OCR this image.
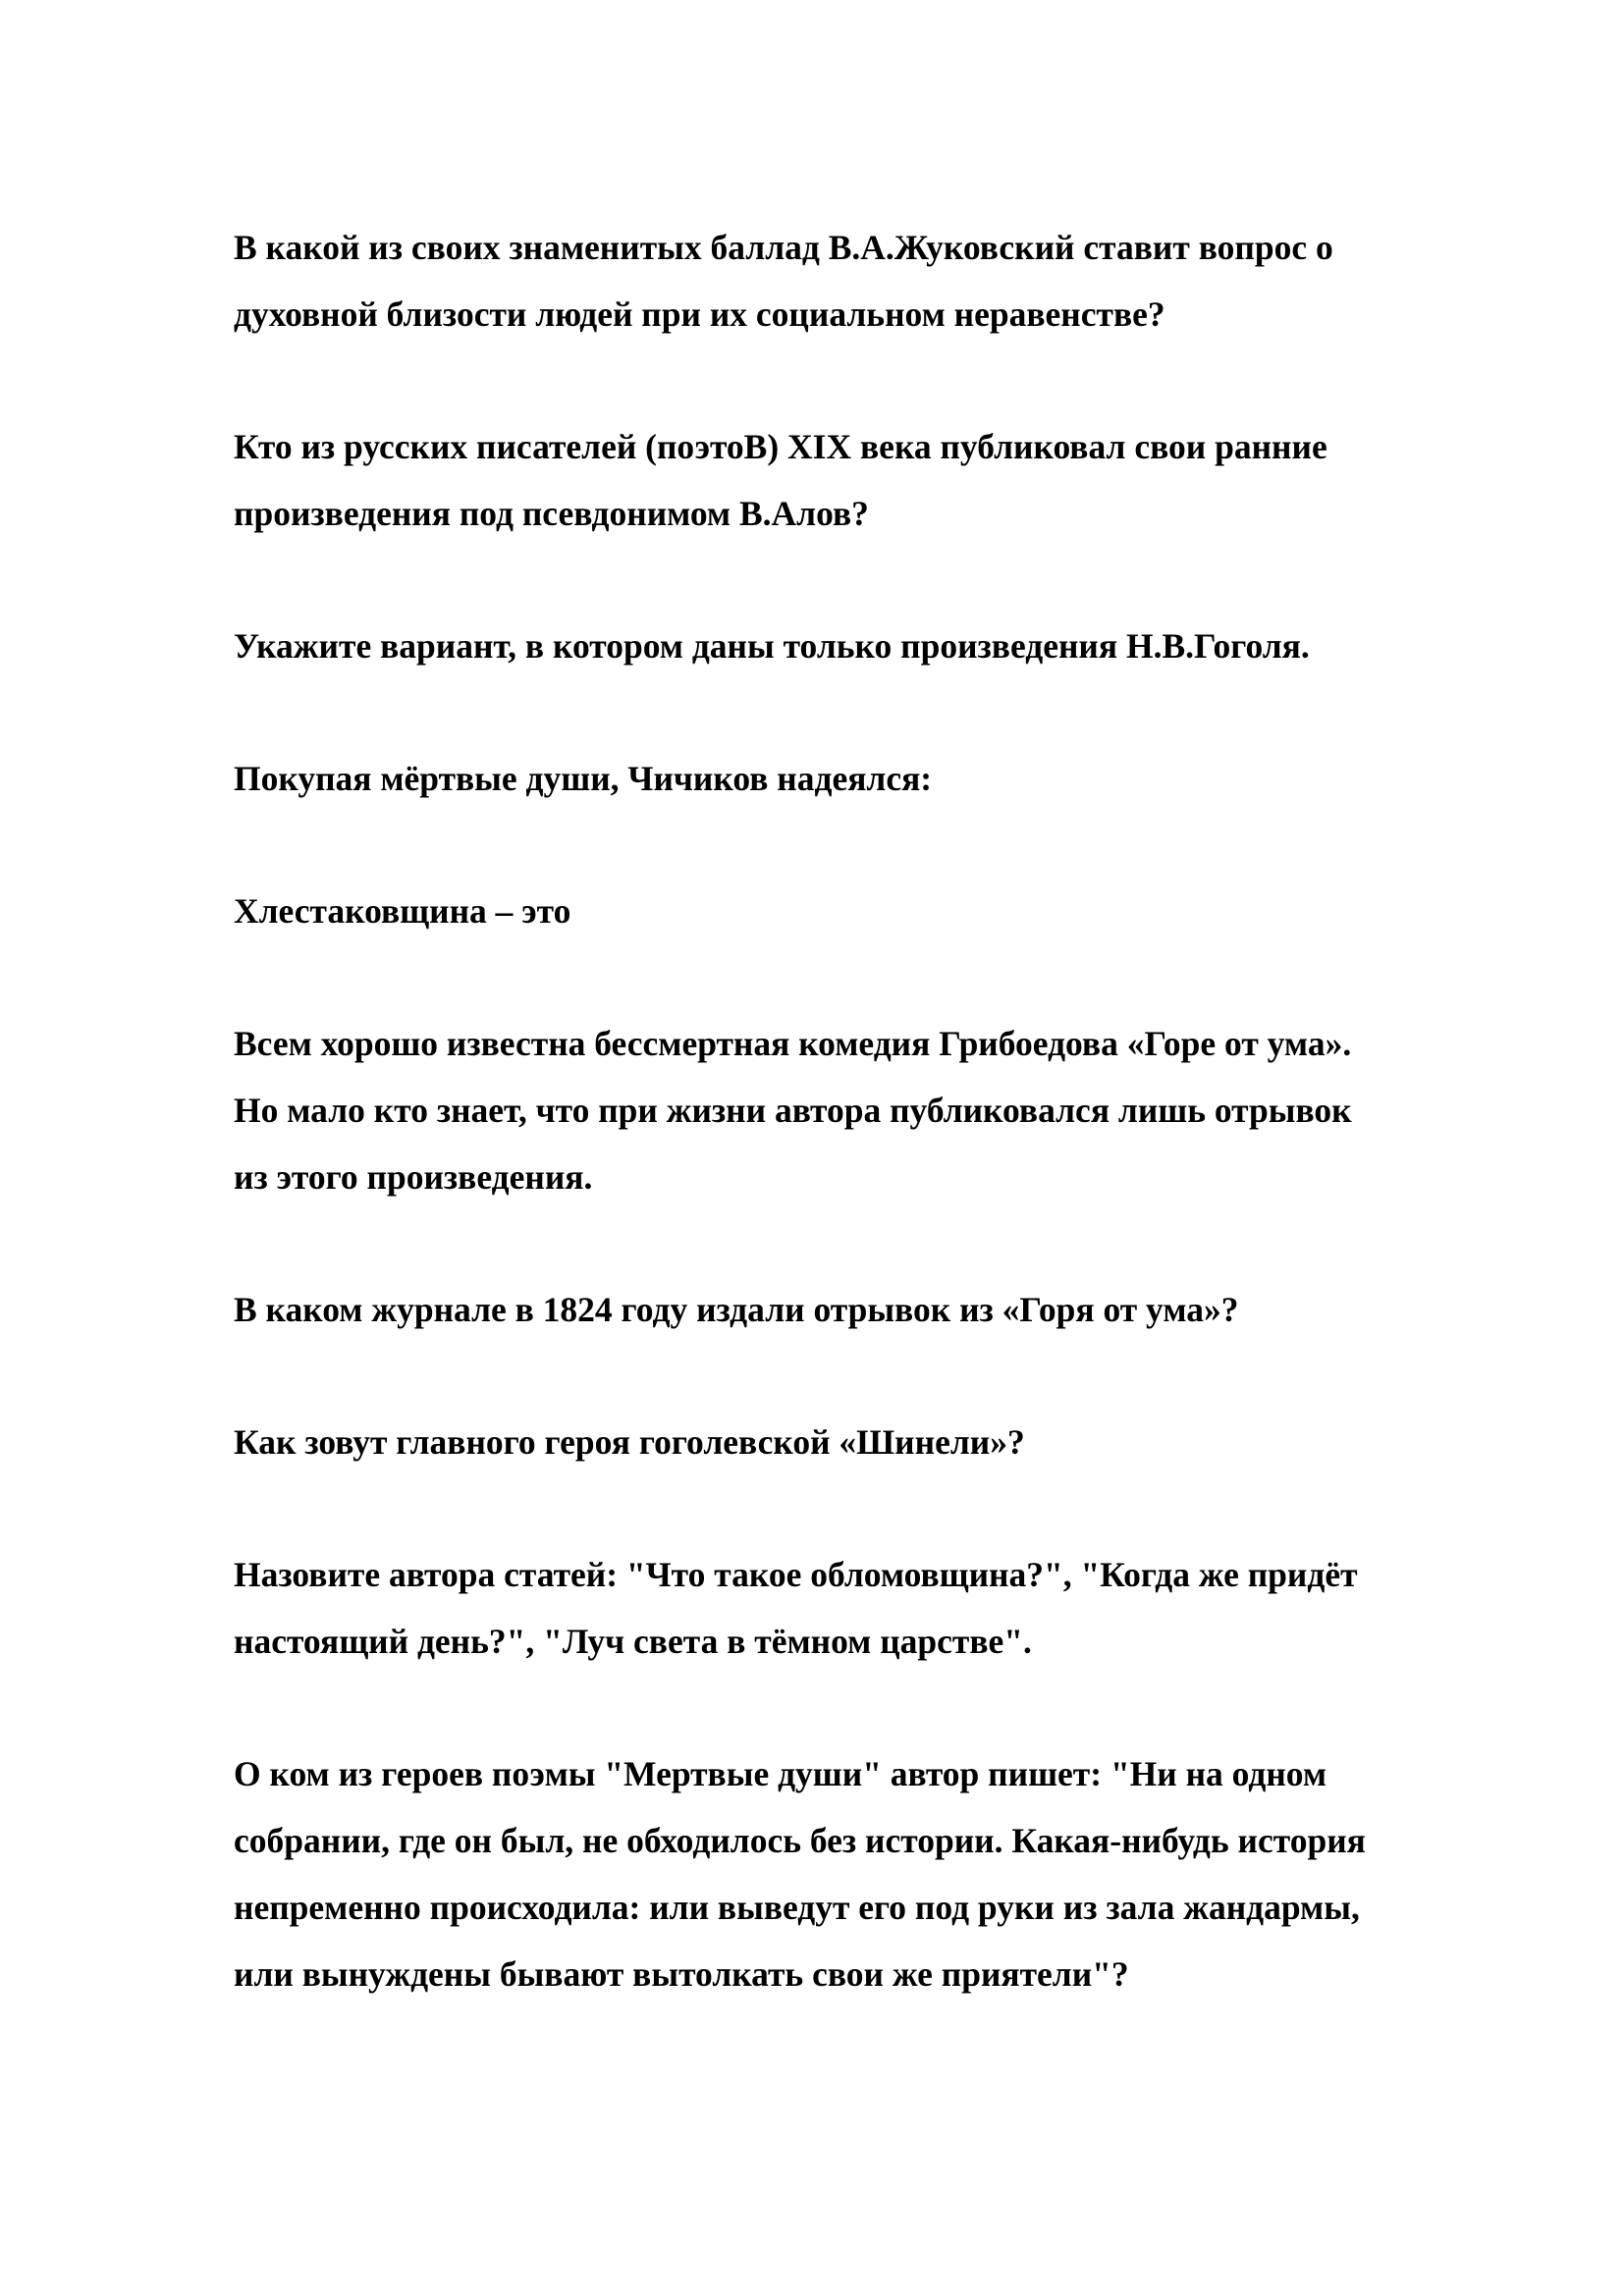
В какой из своих знаменитых баллад В.А.Жуковский ставит вопрос о
духовной близости людей при их социальном неравенстве?

Кто из русских писателей (поэтоВ) XIX века публиковал свои ранние
произведения под псевдонимом В.Алов?

Укажите вариант, в котором даны только произведения Н.В.Гоголя.

Покупая мёртвые души, Чичиков надеялся:

Хлестаковщина – это

Всем хорошо известна бессмертная комедия Грибоедова «Горе от ума».
Но мало кто знает, что при жизни автора публиковался лишь отрывок
из этого произведения.

В каком журнале в 1824 году издали отрывок из «Горя от ума»?

Как зовут главного героя гоголевской «Шинели»?

Назовите автора статей: "Что такое обломовщина?", "Когда же придёт
настоящий день?", "Луч света в тёмном царстве".

О ком из героев поэмы "Мертвые души" автор пишет: "Ни на одном
собрании, где он был, не обходилось без истории. Какая-нибудь история
непременно происходила: или выведут его под руки из зала жандармы,
или вынуждены бывают вытолкать свои же приятели"?
